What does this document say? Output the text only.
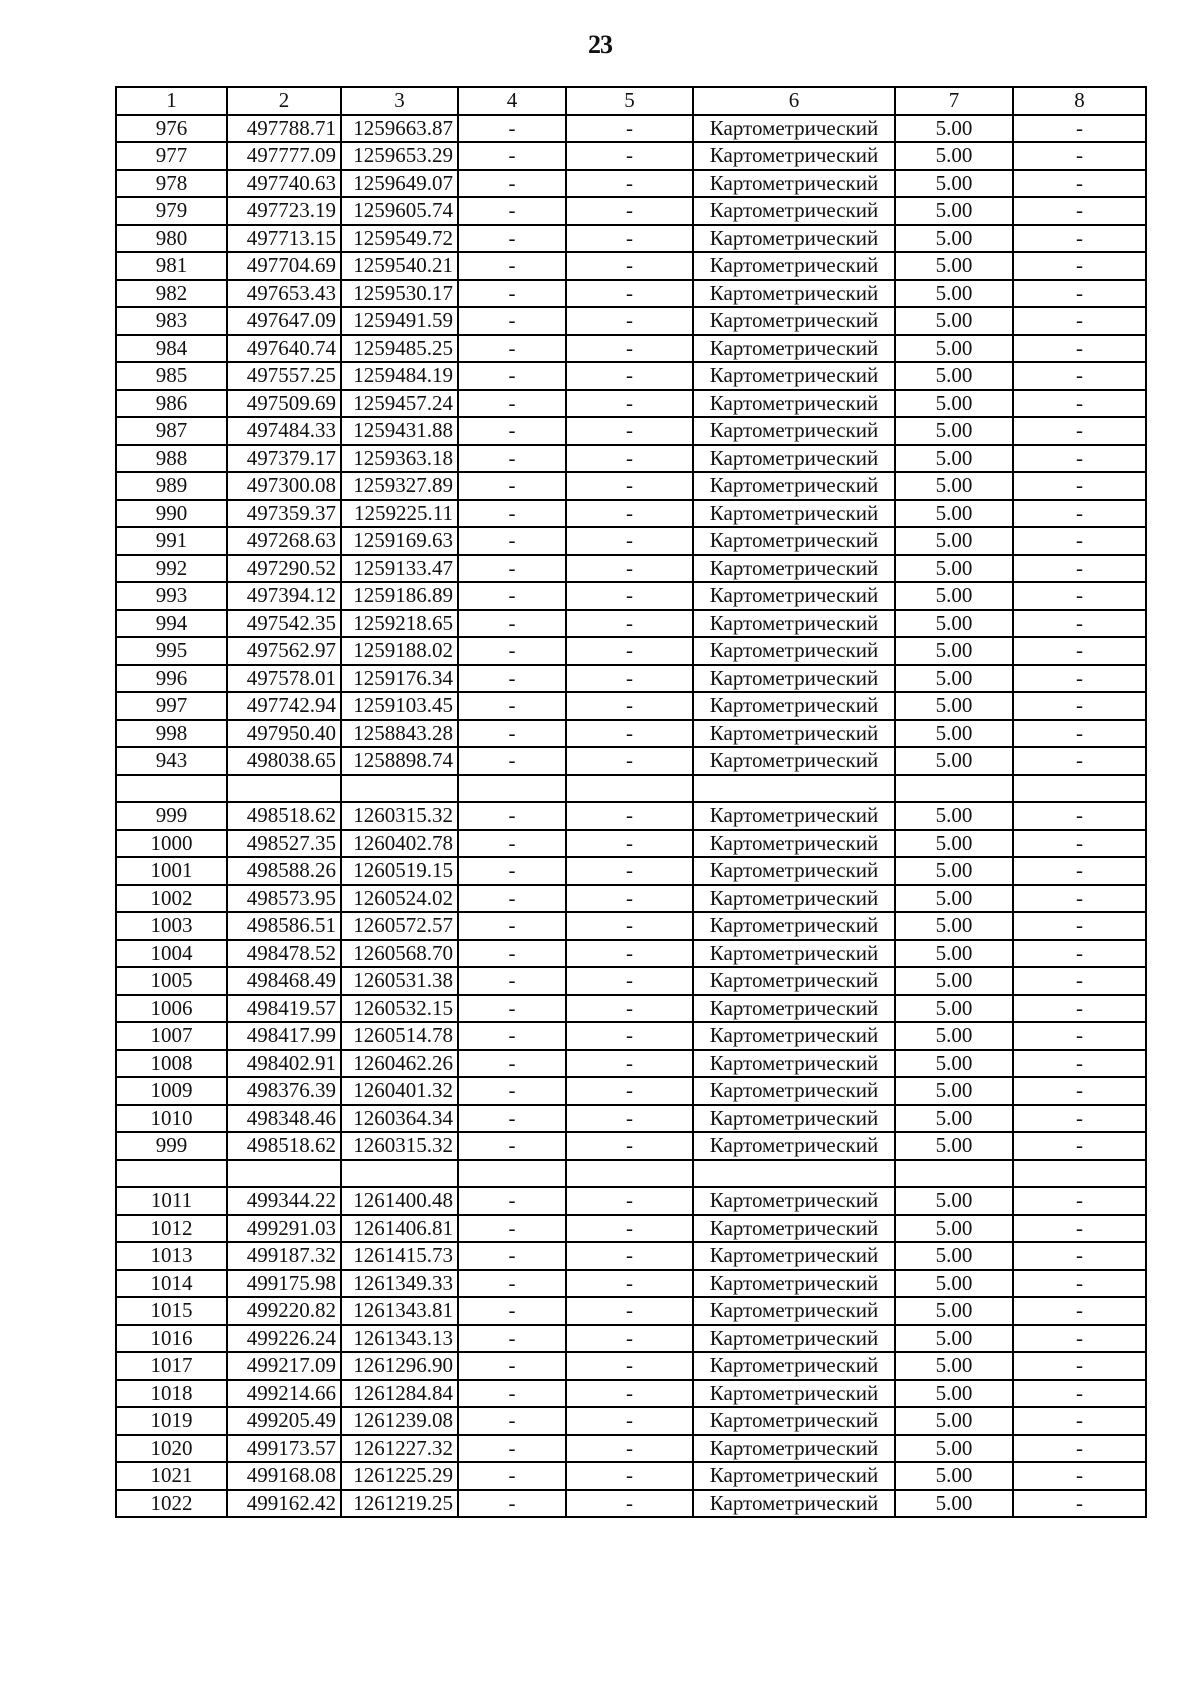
23
1	2	3	4	5	6	7	8
976	497788.71	1259663.87	-	-	Картометрический	5.00	-
977	497777.09	1259653.29	-	-	Картометрический	5.00	-
978	497740.63	1259649.07	-	-	Картометрический	5.00	-
979	497723.19	1259605.74	-	-	Картометрический	5.00	-
980	497713.15	1259549.72	-	-	Картометрический	5.00	-
981	497704.69	1259540.21	-	-	Картометрический	5.00	-
982	497653.43	1259530.17	-	-	Картометрический	5.00	-
983	497647.09	1259491.59	-	-	Картометрический	5.00	-
984	497640.74	1259485.25	-	-	Картометрический	5.00	-
985	497557.25	1259484.19	-	-	Картометрический	5.00	-
986	497509.69	1259457.24	-	-	Картометрический	5.00	-
987	497484.33	1259431.88	-	-	Картометрический	5.00	-
988	497379.17	1259363.18	-	-	Картометрический	5.00	-
989	497300.08	1259327.89	-	-	Картометрический	5.00	-
990	497359.37	1259225.11	-	-	Картометрический	5.00	-
991	497268.63	1259169.63	-	-	Картометрический	5.00	-
992	497290.52	1259133.47	-	-	Картометрический	5.00	-
993	497394.12	1259186.89	-	-	Картометрический	5.00	-
994	497542.35	1259218.65	-	-	Картометрический	5.00	-
995	497562.97	1259188.02	-	-	Картометрический	5.00	-
996	497578.01	1259176.34	-	-	Картометрический	5.00	-
997	497742.94	1259103.45	-	-	Картометрический	5.00	-
998	497950.40	1258843.28	-	-	Картометрический	5.00	-
943	498038.65	1258898.74	-	-	Картометрический	5.00	-

999	498518.62	1260315.32	-	-	Картометрический	5.00	-
1000	498527.35	1260402.78	-	-	Картометрический	5.00	-
1001	498588.26	1260519.15	-	-	Картометрический	5.00	-
1002	498573.95	1260524.02	-	-	Картометрический	5.00	-
1003	498586.51	1260572.57	-	-	Картометрический	5.00	-
1004	498478.52	1260568.70	-	-	Картометрический	5.00	-
1005	498468.49	1260531.38	-	-	Картометрический	5.00	-
1006	498419.57	1260532.15	-	-	Картометрический	5.00	-
1007	498417.99	1260514.78	-	-	Картометрический	5.00	-
1008	498402.91	1260462.26	-	-	Картометрический	5.00	-
1009	498376.39	1260401.32	-	-	Картометрический	5.00	-
1010	498348.46	1260364.34	-	-	Картометрический	5.00	-
999	498518.62	1260315.32	-	-	Картометрический	5.00	-

1011	499344.22	1261400.48	-	-	Картометрический	5.00	-
1012	499291.03	1261406.81	-	-	Картометрический	5.00	-
1013	499187.32	1261415.73	-	-	Картометрический	5.00	-
1014	499175.98	1261349.33	-	-	Картометрический	5.00	-
1015	499220.82	1261343.81	-	-	Картометрический	5.00	-
1016	499226.24	1261343.13	-	-	Картометрический	5.00	-
1017	499217.09	1261296.90	-	-	Картометрический	5.00	-
1018	499214.66	1261284.84	-	-	Картометрический	5.00	-
1019	499205.49	1261239.08	-	-	Картометрический	5.00	-
1020	499173.57	1261227.32	-	-	Картометрический	5.00	-
1021	499168.08	1261225.29	-	-	Картометрический	5.00	-
1022	499162.42	1261219.25	-	-	Картометрический	5.00	-
